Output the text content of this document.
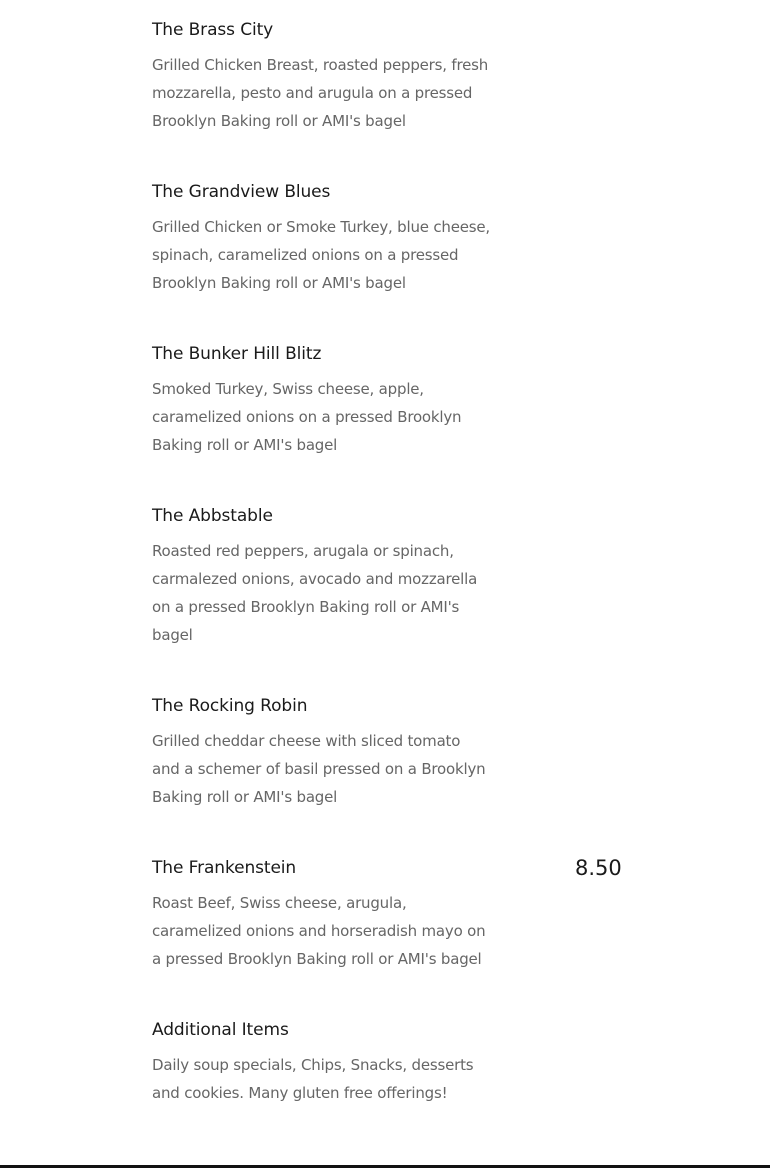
The Brass City
Grilled Chicken Breast, roasted peppers, fresh mozzarella, pesto and arugula on a pressed Brooklyn Baking roll or AMI's bagel
The Grandview Blues
Grilled Chicken or Smoke Turkey, blue cheese, spinach, caramelized onions on a pressed Brooklyn Baking roll or AMI's bagel
The Bunker Hill Blitz
Smoked Turkey, Swiss cheese, apple, caramelized onions on a pressed Brooklyn Baking roll or AMI's bagel
The Abbstable
Roasted red peppers, arugala or spinach, carmalezed onions, avocado and mozzarella on a pressed Brooklyn Baking roll or AMI's bagel
The Rocking Robin
Grilled cheddar cheese with sliced tomato and a schemer of basil pressed on a Brooklyn Baking roll or AMI's bagel
The Frankenstein	8.50
Roast Beef, Swiss cheese, arugula, caramelized onions and horseradish mayo on a pressed Brooklyn Baking roll or AMI's bagel
Additional Items
Daily soup specials, Chips, Snacks, desserts and cookies. Many gluten free offerings!
